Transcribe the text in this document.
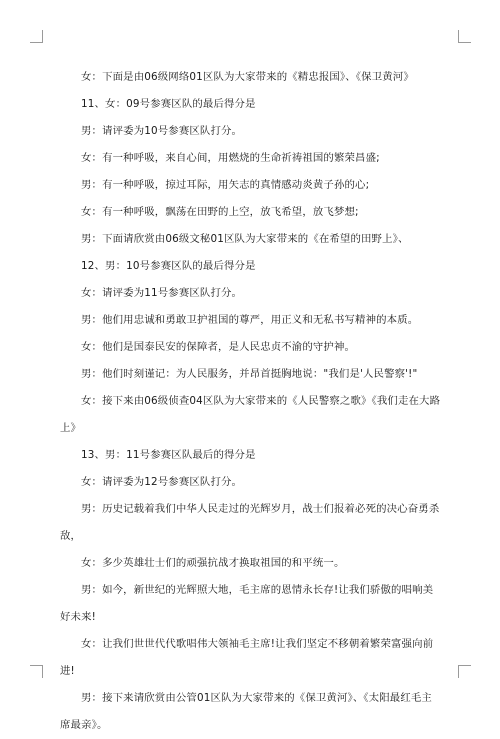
女：下面是由06级网络01区队为大家带来的《精忠报国》、《保卫黄河》

11、女：09号参赛区队的最后得分是

男：请评委为10号参赛区队打分。

女：有一种呼吸，来自心间，用燃烧的生命祈祷祖国的繁荣昌盛;

男：有一种呼吸，掠过耳际，用矢志的真情感动炎黄子孙的心;

女：有一种呼吸，飘荡在田野的上空，放飞希望，放飞梦想;

男：下面请欣赏由06级文秘01区队为大家带来的《在希望的田野上》、

12、男：10号参赛区队的最后得分是

女：请评委为11号参赛区队打分。

男：他们用忠诚和勇敢卫护祖国的尊严，用正义和无私书写精神的本质。

女：他们是国泰民安的保障者，是人民忠贞不渝的守护神。

男：他们时刻谨记：为人民服务，并昂首挺胸地说："我们是'人民警察'!"

女：接下来由06级侦查04区队为大家带来的《人民警察之歌》《我们走在大路上》

13、男：11号参赛区队最后的得分是

女：请评委为12号参赛区队打分。

男：历史记载着我们中华人民走过的光辉岁月，战士们报着必死的决心奋勇杀敌，

女：多少英雄壮士们的顽强抗战才换取祖国的和平统一。

男：如今，新世纪的光辉照大地，毛主席的恩情永长存!让我们骄傲的唱响美好未来!

女：让我们世世代代歌唱伟大领袖毛主席!让我们坚定不移朝着繁荣富强向前进!

男：接下来请欣赏由公管01区队为大家带来的《保卫黄河》、《太阳最红毛主席最亲》。
